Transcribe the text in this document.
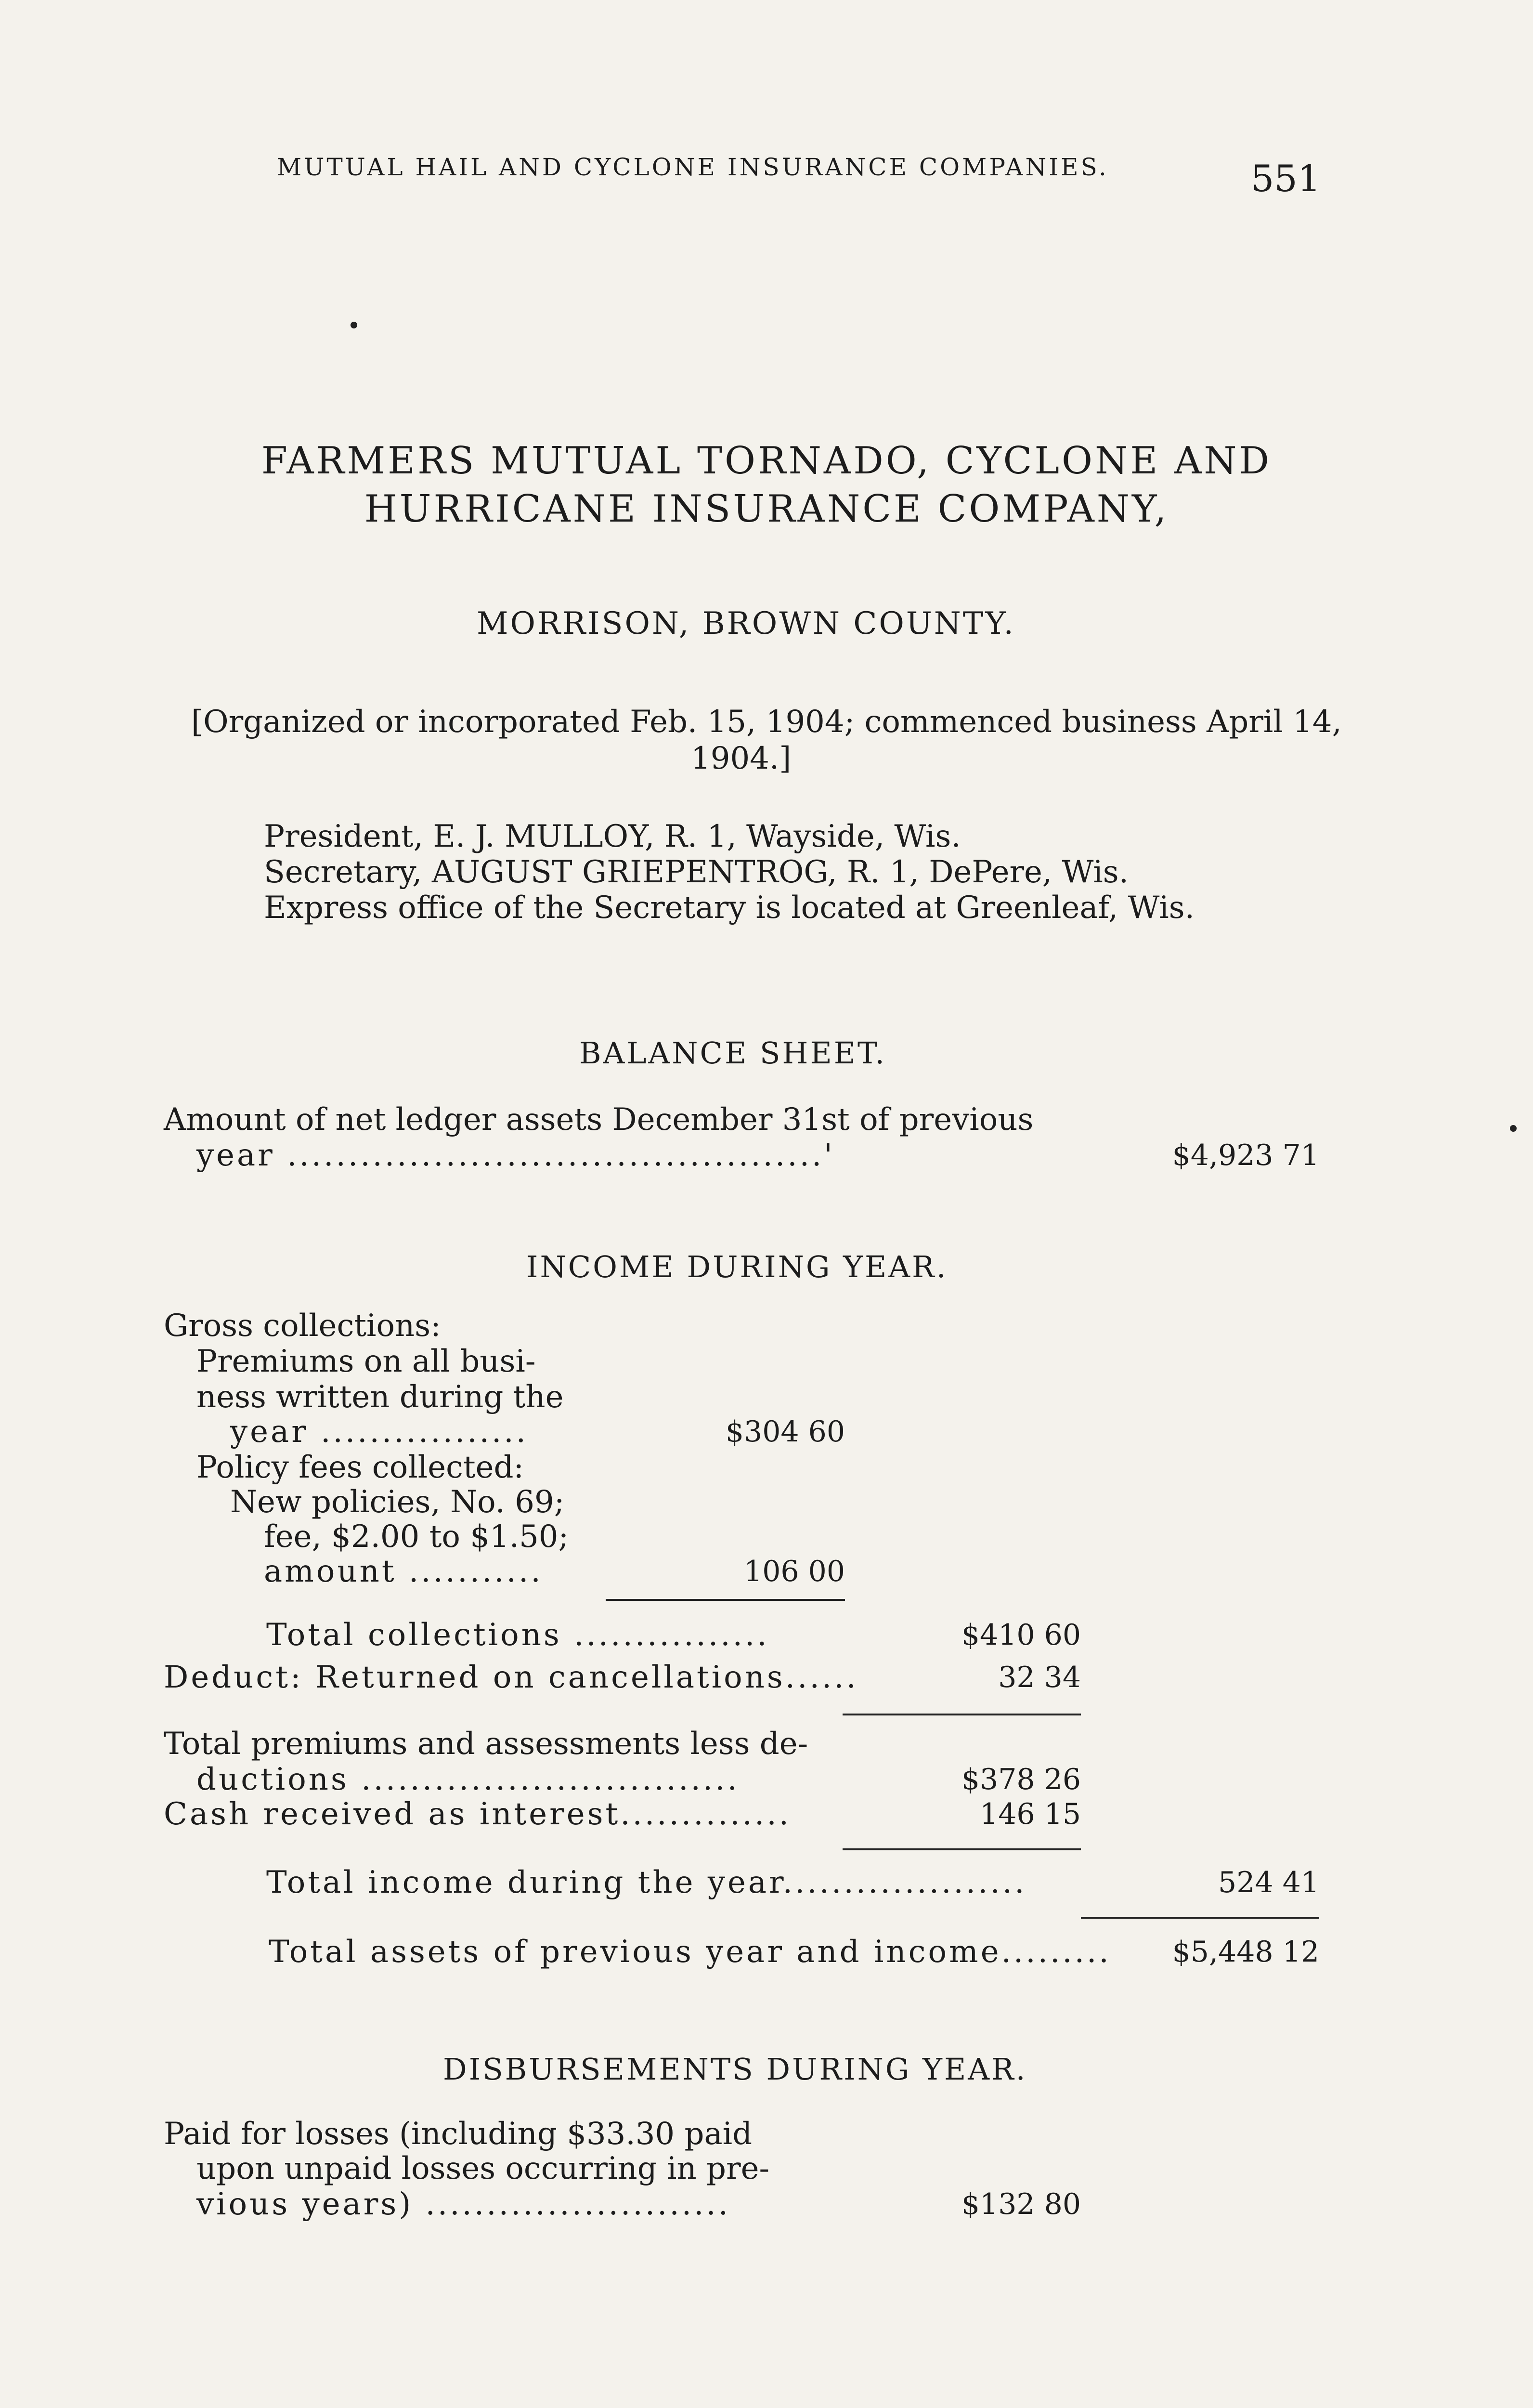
MUTUAL HAIL AND CYCLONE INSURANCE COMPANIES.	551
FARMERS MUTUAL TORNADO, CYCLONE AND
HURRICANE INSURANCE COMPANY,
MORRISON, BROWN COUNTY.
[Organized or incorporated Feb. 15, 1904; commenced business April 14,
1904.]
President, E. J. MULLOY, R. 1, Wayside, Wis.
Secretary, AUGUST GRIEPENTROG, R. 1, DePere, Wis.
Express office of the Secretary is located at Greenleaf, Wis.
BALANCE SHEET.
Amount of net ledger assets December 31st of previous
year ............................................'	$4,923 71
INCOME DURING YEAR.
Gross collections:
Premiums on all busi-
ness written during the
year .................	$304 60
Policy fees collected:
New policies, No. 69;
fee, $2.00 to $1.50;
amount ...........	106 00
Total collections ................	$410 60
Deduct: Returned on cancellations......	32 34
Total premiums and assessments less de-
ductions ...............................	$378 26
Cash received as interest..............	146 15
Total income during the year....................	524 41
Total assets of previous year and income.........	$5,448 12
DISBURSEMENTS DURING YEAR.
Paid for losses (including $33.30 paid
upon unpaid losses occurring in pre-
vious years) .........................	$132 80
